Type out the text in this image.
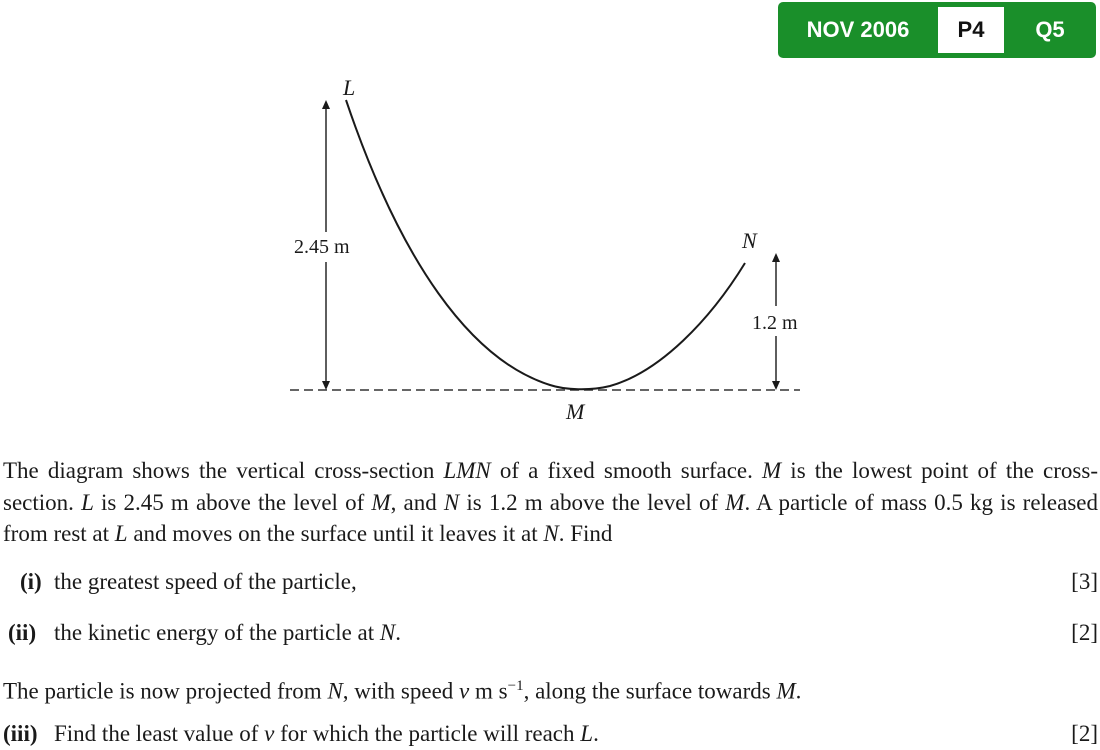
NOV 2006	P4	Q5
L
N
M
2.45 m
1.2 m

The diagram shows the vertical cross-section LMN of a fixed smooth surface. M is the lowest point of the cross-section. L is 2.45 m above the level of M, and N is 1.2 m above the level of M. A particle of mass 0.5 kg is released from rest at L and moves on the surface until it leaves it at N. Find

(i) the greatest speed of the particle,	[3]
(ii) the kinetic energy of the particle at N.	[2]
The particle is now projected from N, with speed v m $s^{-1}$, along the surface towards M.
(iii) Find the least value of v for which the particle will reach L.	[2]
